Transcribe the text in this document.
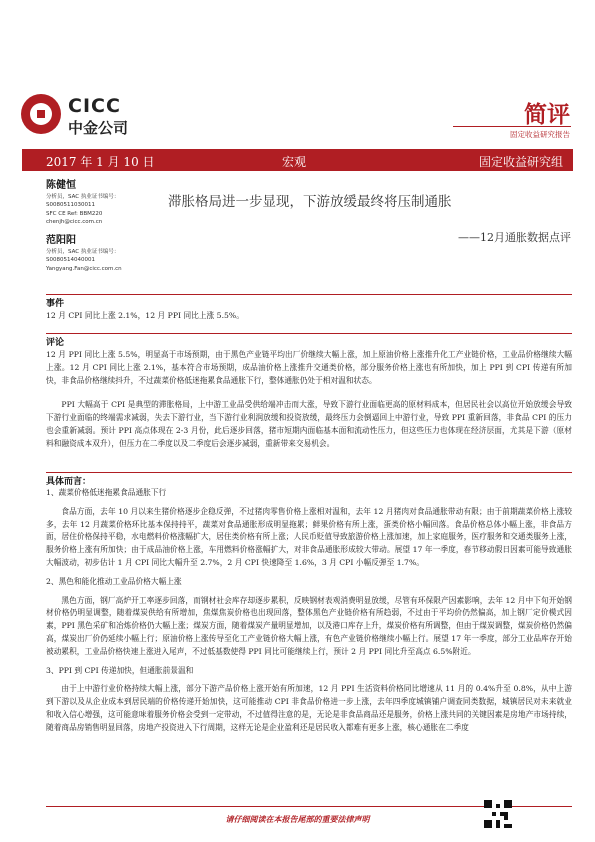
CICC
中金公司	简评
固定收益研究报告
2017 年 1 月 10 日	宏观	固定收益研究组
陈健恒
分析员，SAC 执业证书编号：
S0080511030011
SFC CE Ref: BBM220
chenjh@cicc.com.cn
范阳阳
分析员，SAC 执业证书编号：
S0080514040001
Yangyang.Fan@cicc.com.cn
滞胀格局进一步显现，下游放缓最终将压制通胀
——12月通胀数据点评
事件

12 月 CPI 同比上涨 2.1%，12 月 PPI 同比上涨 5.5%。

评论

12 月 PPI 同比上涨 5.5%，明显高于市场预期，由于黑色产业链平均出厂价继续大幅上涨，加上原油价格上涨推升化工产业链价格，工业品价格继续大幅上涨。12 月 CPI 同比上涨 2.1%，基本符合市场预期，成品油价格上涨推升交通类价格，部分服务价格上涨也有所加快，加上 PPI 到 CPI 传递有所加快，非食品价格继续抖升，不过蔬菜价格低迷拖累食品通胀下行，整体通胀仍处于相对温和状态。

PPI 大幅高于 CPI 是典型的滞胀格局，上中游工业品受供给端冲击而大涨，导致下游行业面临更高的原材料成本，但居民社会以高位开始放缓会导致下游行业面临的终端需求减弱，失去下游行业，当下游行业利润放缓和投资放缓，最终压力会倒逼回上中游行业，导致 PPI 重新回落，非食品 CPI 的压力也会重新减弱。预计 PPI 高点体现在 2-3 月份，此后逐步回落，猪市短期内面临基本面和流动性压力，但这些压力也体现在经济层面，尤其是下游（原材料和融资成本双升），但压力在二季度以及二季度后会逐步减弱，重新带来交易机会。

具体而言：

1、蔬菜价格低迷拖累食品通胀下行

食品方面，去年 10 月以来生猪价格逐步企稳反弹，不过猪肉零售价格上涨相对温和，去年 12 月猪肉对食品通胀带动有限；由于前期蔬菜价格上涨较多，去年 12 月蔬菜价格环比基本保持持平，蔬菜对食品通胀形成明显拖累；鲜果价格有所上涨，蛋类价格小幅回落。食品价格总体小幅上涨，非食品方面，居住价格保持平稳，水电燃料价格涨幅扩大，居住类价格有所上涨；人民币贬值导致旅游价格上涨加速，加上家庭服务，医疗服务和交通类服务上涨，服务价格上涨有所加快；由于成品油价格上涨，车用燃料价格涨幅扩大，对非食品通胀形成较大带动。展望 17 年一季度，春节移动假日因素可能导致通胀大幅波动，初步估计 1 月 CPI 同比大幅升至 2.7%，2 月 CPI 快速降至 1.6%，3 月 CPI 小幅反弹至 1.7%。

2、黑色和能化推动工业品价格大幅上涨

黑色方面，钢厂高炉开工率逐步回落，而钢材社会库存却逐步累积，反映钢材表观消费明显放缓，尽管有环保限产因素影响，去年 12 月中下旬开始钢材价格仍明显调整，随着煤炭供给有所增加，焦煤焦炭价格也出现回落，整体黑色产业链价格有所趋弱，不过由于平均价仍然偏高，加上钢厂定价模式因素，PPI 黑色采矿和冶炼价格仍大幅上涨；煤炭方面，随着煤炭产量明显增加，以及港口库存上升，煤炭价格有所调整，但由于煤炭调整，煤炭价格仍然偏高，煤炭出厂价仍延续小幅上行；原油价格上涨传导至化工产业链价格大幅上涨，有色产业链价格继续小幅上行。展望 17 年一季度，部分工业品库存开始被动累积，工业品价格快速上涨进入尾声，不过低基数使得 PPI 同比可能继续上行，预计 2 月 PPI 同比升至高点 6.5%附近。

3、PPI 到 CPI 传递加快，但通胀前景温和

由于上中游行业价格持续大幅上涨，部分下游产品价格上涨开始有所加速，12 月 PPI 生活资料价格同比增速从 11 月的 0.4%升至 0.8%，从中上游到下游以及从企业成本到居民端的价格传递开始加快，这可能推动 CPI 非食品价格进一步上涨，去年四季度城镇铺户调查同类数据，城镇居民对未来就业和收入信心增强，这可能意味着服务价格会受到一定带动，不过值得注意的是，无论是非食品商品还是服务，价格上涨共同的关键因素是房地产市场持续，随着商品房销售明显回落，房地产投资进入下行周期，这样无论是企业盈利还是居民收入都难有更多上涨，核心通胀在二季度

请仔细阅读在本报告尾部的重要法律声明
